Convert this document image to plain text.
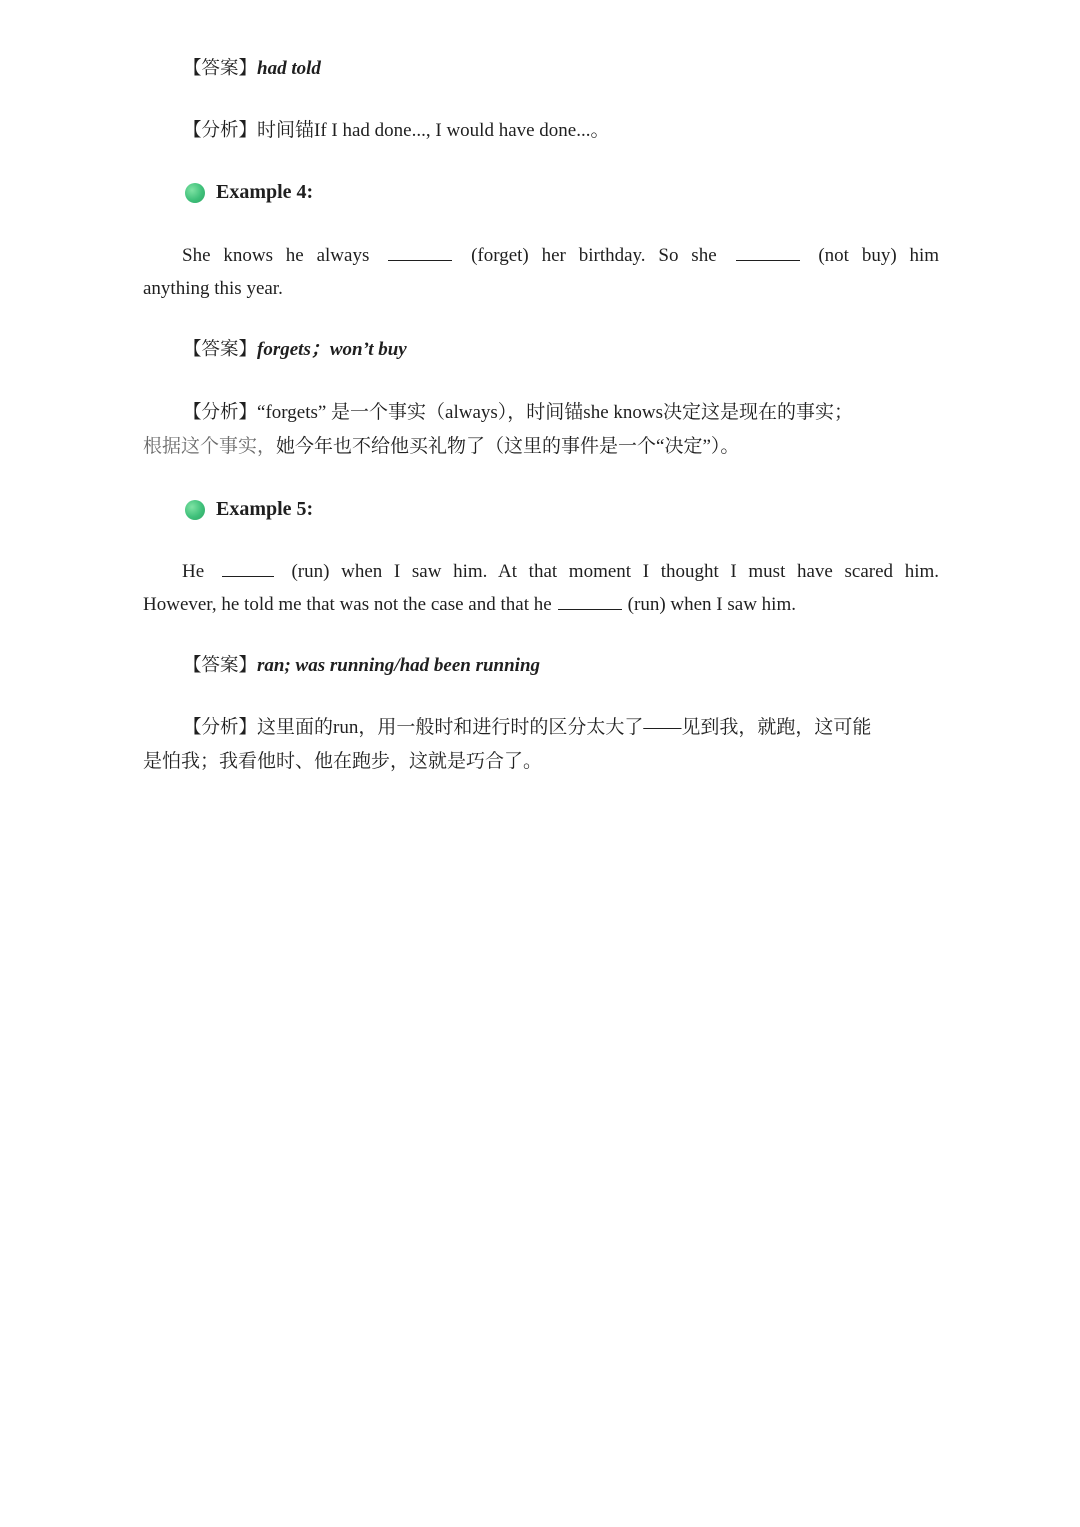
【答案】had told
【分析】时间锚If I had done..., I would have done...。
Example 4:
She knows he always	(forget) her birthday. So she	(not buy) him
anything this year.
【答案】forgets；won’t buy
【分析】“forgets” 是一个事实（always），时间锚she knows决定这是现在的事实；
根据这个事实，她今年也不给他买礼物了（这里的事件是一个“决定”）。
Example 5:
He	(run) when I saw him. At that moment I thought I must have scared him.
However, he told me that was not the case and that he	(run) when I saw him.
【答案】ran; was running/had been running
【分析】这里面的run，用一般时和进行时的区分太大了——见到我，就跑，这可能
是怕我；我看他时、他在跑步，这就是巧合了。
